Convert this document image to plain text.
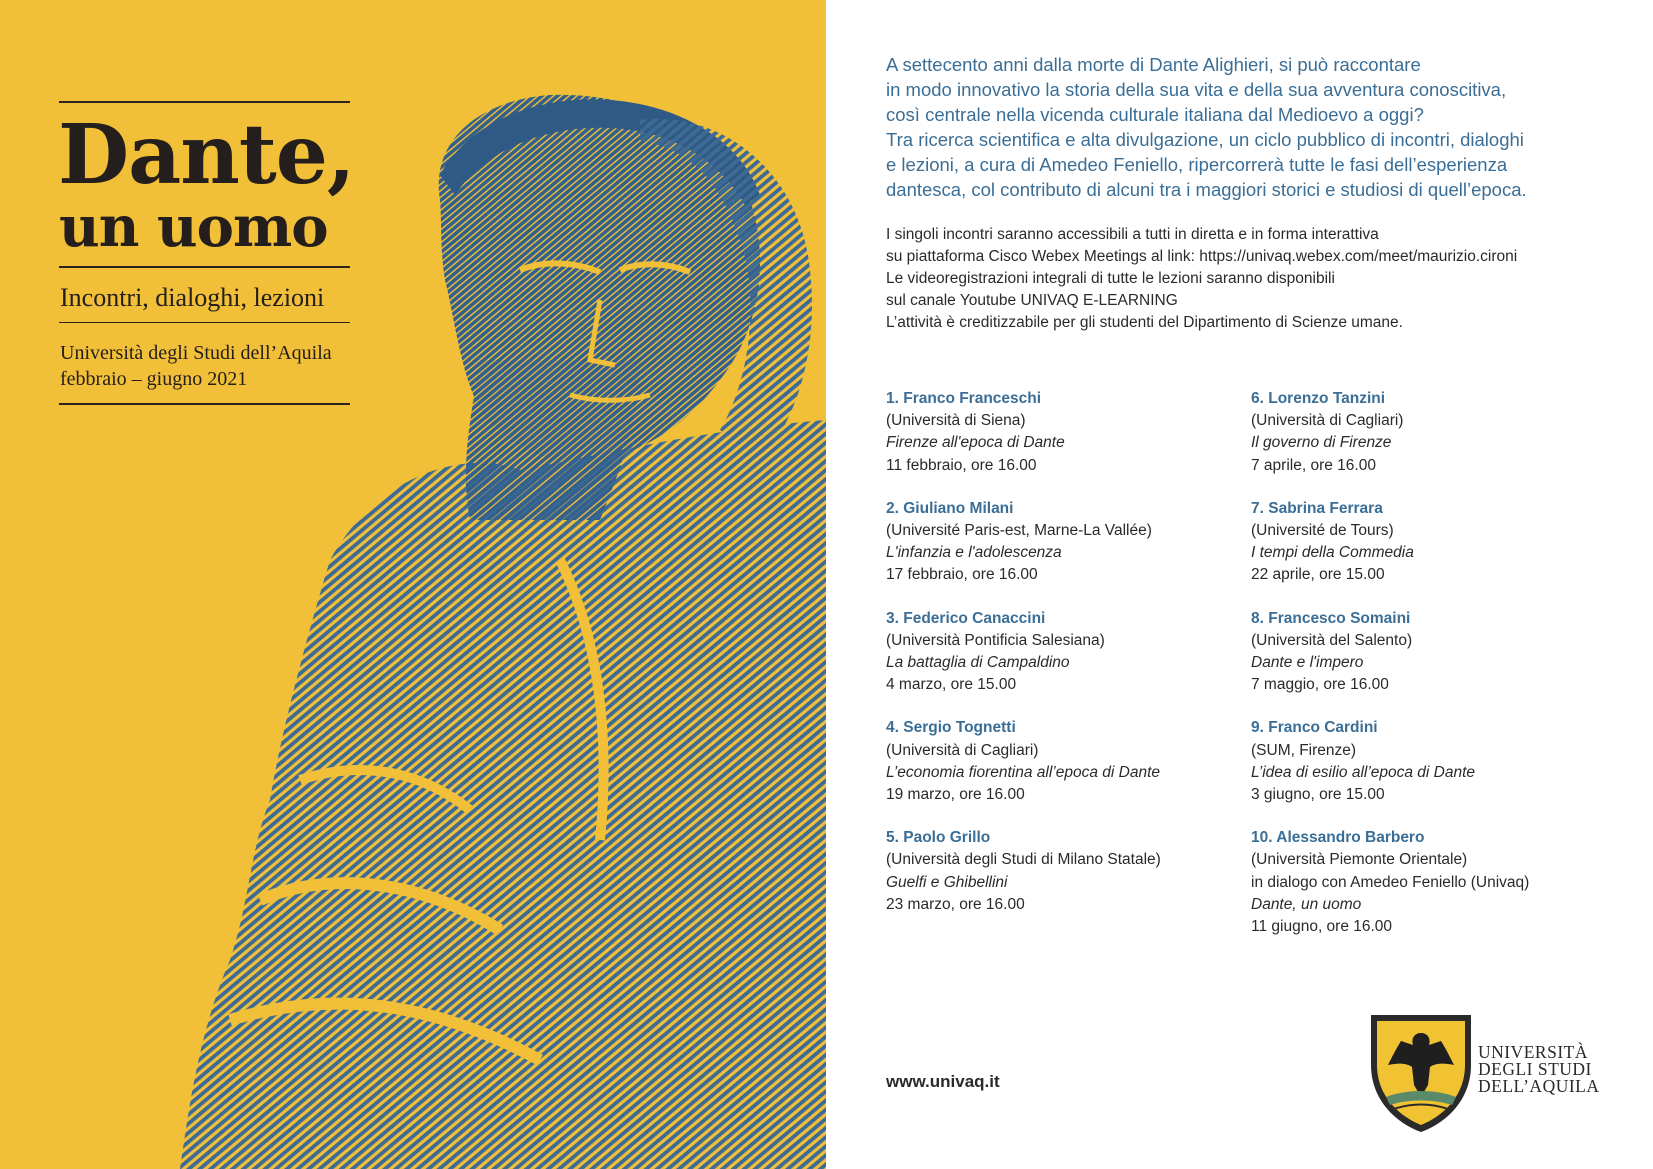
Dante,
un uomo
Incontri, dialoghi, lezioni
Università degli Studi dell’Aquila
febbraio – giugno 2021

A settecento anni dalla morte di Dante Alighieri, si può raccontare

in modo innovativo la storia della sua vita e della sua avventura conoscitiva,

così centrale nella vicenda culturale italiana dal Medioevo a oggi?

Tra ricerca scientifica e alta divulgazione, un ciclo pubblico di incontri, dialoghi

e lezioni, a cura di Amedeo Feniello, ripercorrerà tutte le fasi dell’esperienza

dantesca, col contributo di alcuni tra i maggiori storici e studiosi di quell’epoca.

I singoli incontri saranno accessibili a tutti in diretta e in forma interattiva

su piattaforma Cisco Webex Meetings al link: https://univaq.webex.com/meet/maurizio.cironi

Le videoregistrazioni integrali di tutte le lezioni saranno disponibili

sul canale Youtube UNIVAQ E-LEARNING

L’attività è creditizzabile per gli studenti del Dipartimento di Scienze umane.

1. Franco Franceschi
(Università di Siena)
Firenze all'epoca di Dante
11 febbraio, ore 16.00
2. Giuliano Milani
(Université Paris-est, Marne-La Vallée)
L'infanzia e l'adolescenza
17 febbraio, ore 16.00
3. Federico Canaccini
(Università Pontificia Salesiana)
La battaglia di Campaldino
4 marzo, ore 15.00
4. Sergio Tognetti
(Università di Cagliari)
L’economia fiorentina all’epoca di Dante
19 marzo, ore 16.00
5. Paolo Grillo
(Università degli Studi di Milano Statale)
Guelfi e Ghibellini
23 marzo, ore 16.00
6. Lorenzo Tanzini
(Università di Cagliari)
Il governo di Firenze
7 aprile, ore 16.00
7. Sabrina Ferrara
(Université de Tours)
I tempi della Commedia
22 aprile, ore 15.00
8. Francesco Somaini
(Università del Salento)
Dante e l'impero
7 maggio, ore 16.00
9. Franco Cardini
(SUM, Firenze)
L’idea di esilio all’epoca di Dante
3 giugno, ore 15.00
10. Alessandro Barbero
(Università Piemonte Orientale)
in dialogo con Amedeo Feniello (Univaq)
Dante, un uomo
11 giugno, ore 16.00
www.univaq.it
UNIVERSITÀ
DEGLI STUDI
DELL’AQUILA
